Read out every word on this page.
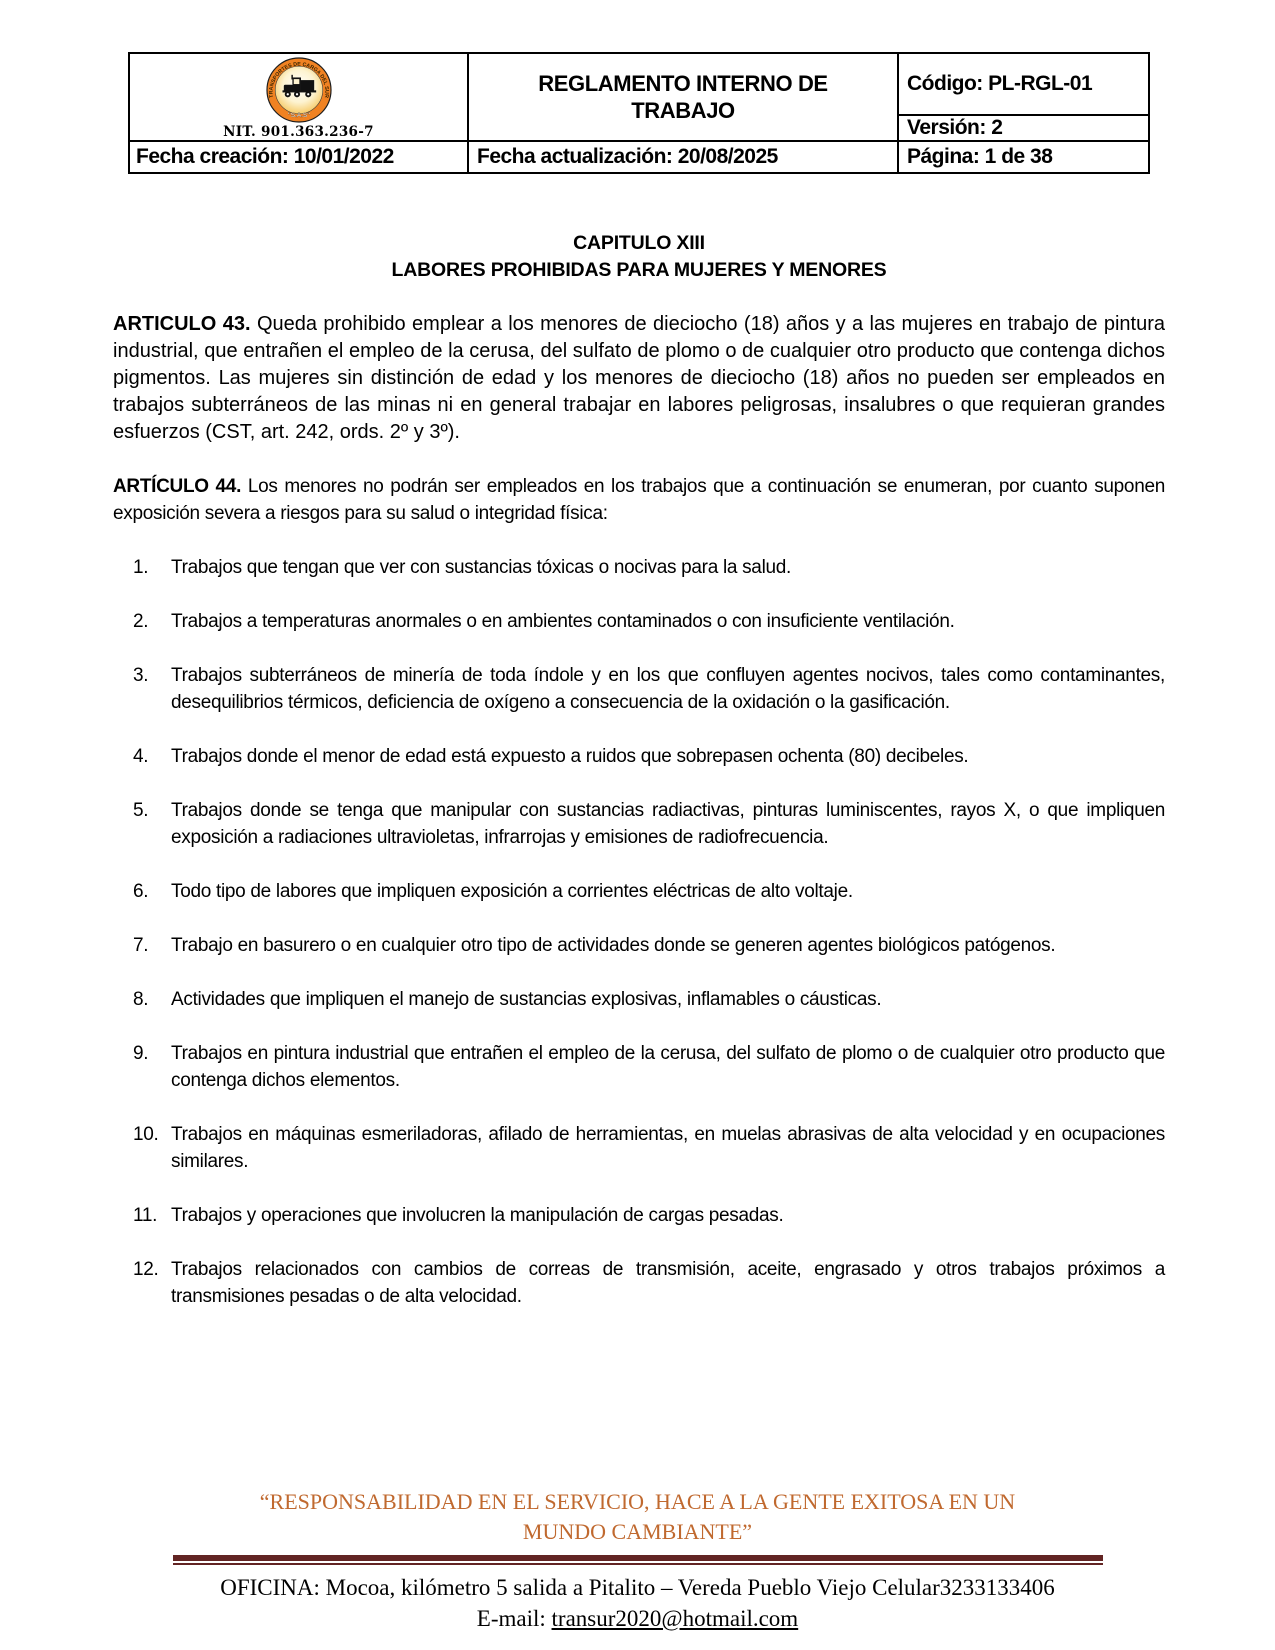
TRANSPORTES DE CARGA DEL SUR
"S.A.S"
NIT. 901.363.236-7
REGLAMENTO INTERNO DE TRABAJO
Código: PL-RGL-01
Versión: 2
Fecha creación: 10/01/2022	Fecha actualización: 20/08/2025	Página: 1 de 38
CAPITULO XIII
LABORES PROHIBIDAS PARA MUJERES Y MENORES

ARTICULO 43. Queda prohibido emplear a los menores de dieciocho (18) años y a las mujeres en trabajo de pintura industrial, que entrañen el empleo de la cerusa, del sulfato de plomo o de cualquier otro producto que contenga dichos pigmentos. Las mujeres sin distinción de edad y los menores de dieciocho (18) años no pueden ser empleados en trabajos subterráneos de las minas ni en general trabajar en labores peligrosas, insalubres o que requieran grandes esfuerzos (CST, art. 242, ords. 2º y 3º).

ARTÍCULO 44. Los menores no podrán ser empleados en los trabajos que a continuación se enumeran, por cuanto suponen exposición severa a riesgos para su salud o integridad física:

Trabajos que tengan que ver con sustancias tóxicas o nocivas para la salud.
Trabajos a temperaturas anormales o en ambientes contaminados o con insuficiente ventilación.
Trabajos subterráneos de minería de toda índole y en los que confluyen agentes nocivos, tales como contaminantes, desequilibrios térmicos, deficiencia de oxígeno a consecuencia de la oxidación o la gasificación.
Trabajos donde el menor de edad está expuesto a ruidos que sobrepasen ochenta (80) decibeles.
Trabajos donde se tenga que manipular con sustancias radiactivas, pinturas luminiscentes, rayos X, o que impliquen exposición a radiaciones ultravioletas, infrarrojas y emisiones de radiofrecuencia.
Todo tipo de labores que impliquen exposición a corrientes eléctricas de alto voltaje.
Trabajo en basurero o en cualquier otro tipo de actividades donde se generen agentes biológicos patógenos.
Actividades que impliquen el manejo de sustancias explosivas, inflamables o cáusticas.
Trabajos en pintura industrial que entrañen el empleo de la cerusa, del sulfato de plomo o de cualquier otro producto que contenga dichos elementos.
Trabajos en máquinas esmeriladoras, afilado de herramientas, en muelas abrasivas de alta velocidad y en ocupaciones similares.
Trabajos y operaciones que involucren la manipulación de cargas pesadas.
Trabajos relacionados con cambios de correas de transmisión, aceite, engrasado y otros trabajos próximos a transmisiones pesadas o de alta velocidad.
“RESPONSABILIDAD EN EL SERVICIO, HACE A LA GENTE EXITOSA EN UN MUNDO CAMBIANTE”
OFICINA: Mocoa, kilómetro 5 salida a Pitalito – Vereda Pueblo Viejo Celular3233133406
E-mail: transur2020@hotmail.com
